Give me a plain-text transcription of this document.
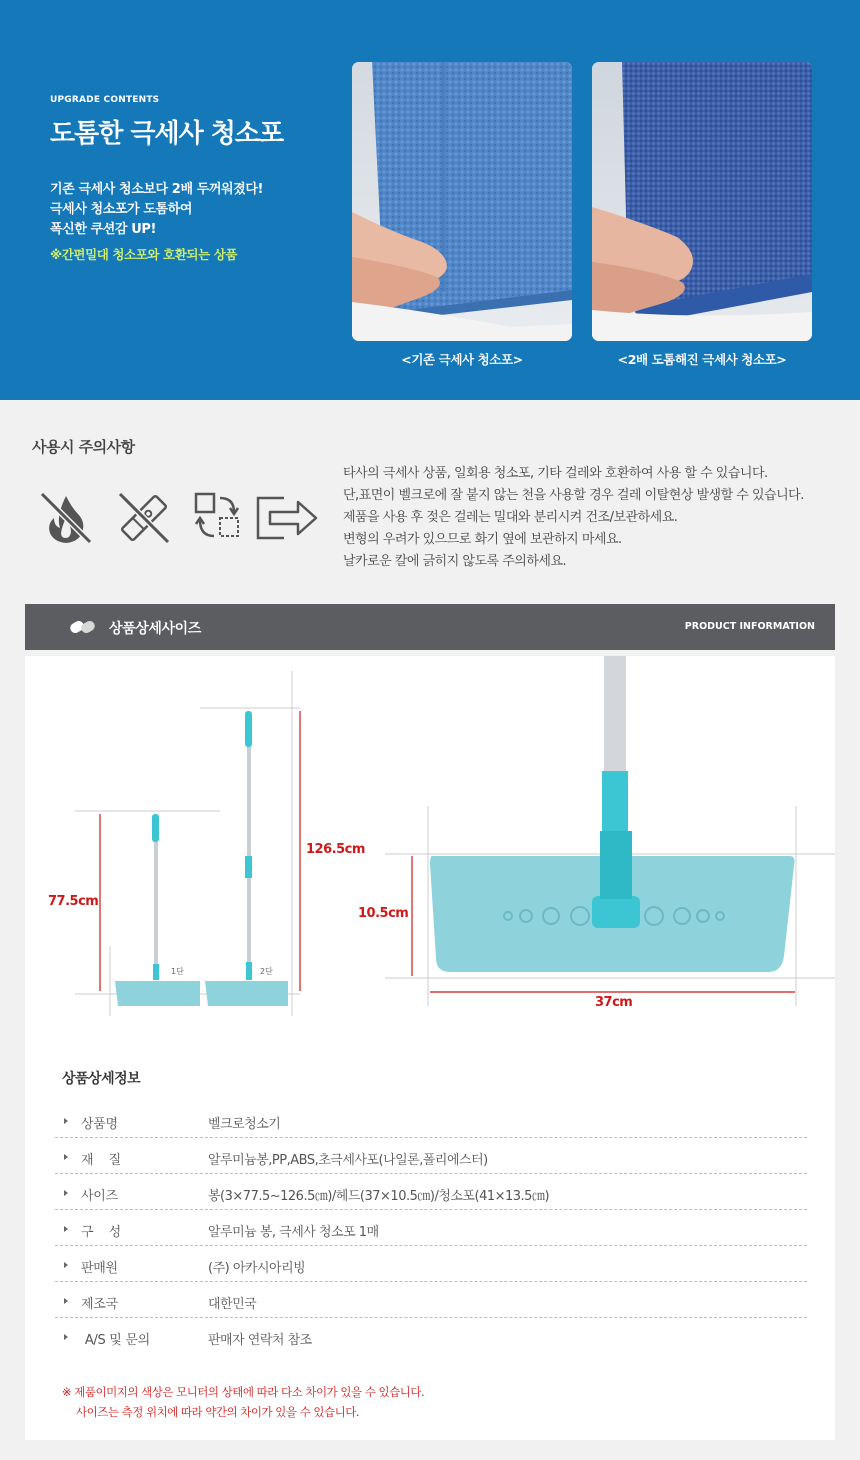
UPGRADE CONTENTS
도톰한 극세사 청소포
기존 극세사 청소보다 2배 두꺼워졌다!
극세사 청소포가 도톰하여
폭신한 쿠션감 UP!
※간편밀대 청소포와 호환되는 상품
<기존 극세사 청소포>	<2배 도톰해진 극세사 청소포>
사용시 주의사항
타사의 극세사 상품, 일회용 청소포, 기타 걸레와 호환하여 사용 할 수 있습니다.
단,표면이 벨크로에 잘 붙지 않는 천을 사용할 경우 걸레 이탈현상 발생할 수 있습니다.
제품을 사용 후 젖은 걸레는 밀대와 분리시켜 건조/보관하세요.
변형의 우려가 있으므로 화기 옆에 보관하지 마세요.
날카로운 칼에 긁히지 않도록 주의하세요.
상품상세사이즈	PRODUCT INFORMATION
77.5cm
126.5cm
1단	2단
10.5cm
37cm
상품상세정보
상품명	벨크로청소기
재    질	알루미늄봉,PP,ABS,초극세사포(나일론,폴리에스터)
사이즈	봉(3×77.5~126.5㎝)/헤드(37×10.5㎝)/청소포(41×13.5㎝)
구    성	알루미늄 봉, 극세사 청소포 1매
판매원	(주) 아카시아리빙
제조국	대한민국
A/S 및 문의	판매자 연락처 참조
※ 제품이미지의 색상은 모니터의 상태에 따라 다소 차이가 있을 수 있습니다.
사이즈는 측정 위치에 따라 약간의 차이가 있을 수 있습니다.
